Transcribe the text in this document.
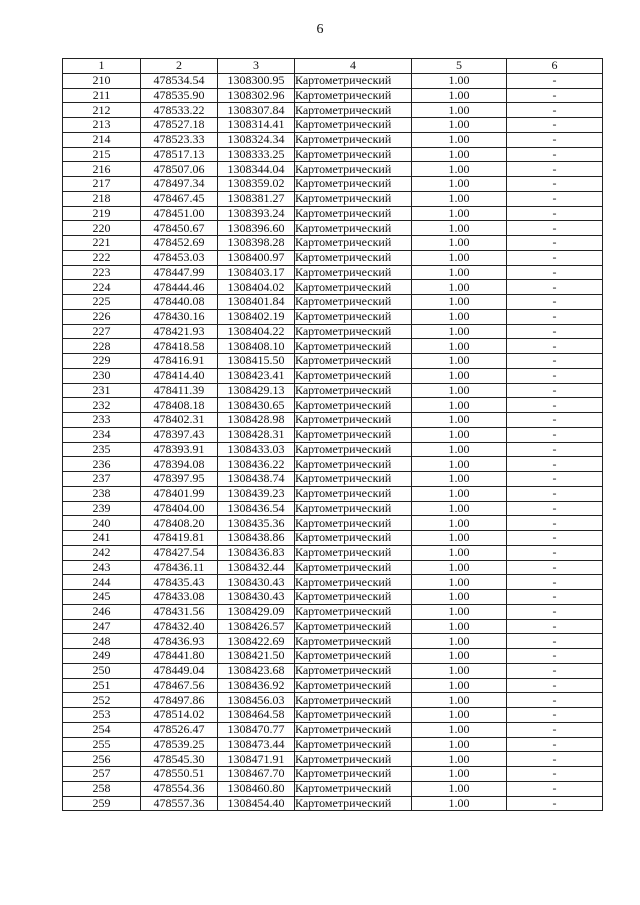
6
1	2	3	4	5	6
210	478534.54	1308300.95	Картометрический	1.00	-
211	478535.90	1308302.96	Картометрический	1.00	-
212	478533.22	1308307.84	Картометрический	1.00	-
213	478527.18	1308314.41	Картометрический	1.00	-
214	478523.33	1308324.34	Картометрический	1.00	-
215	478517.13	1308333.25	Картометрический	1.00	-
216	478507.06	1308344.04	Картометрический	1.00	-
217	478497.34	1308359.02	Картометрический	1.00	-
218	478467.45	1308381.27	Картометрический	1.00	-
219	478451.00	1308393.24	Картометрический	1.00	-
220	478450.67	1308396.60	Картометрический	1.00	-
221	478452.69	1308398.28	Картометрический	1.00	-
222	478453.03	1308400.97	Картометрический	1.00	-
223	478447.99	1308403.17	Картометрический	1.00	-
224	478444.46	1308404.02	Картометрический	1.00	-
225	478440.08	1308401.84	Картометрический	1.00	-
226	478430.16	1308402.19	Картометрический	1.00	-
227	478421.93	1308404.22	Картометрический	1.00	-
228	478418.58	1308408.10	Картометрический	1.00	-
229	478416.91	1308415.50	Картометрический	1.00	-
230	478414.40	1308423.41	Картометрический	1.00	-
231	478411.39	1308429.13	Картометрический	1.00	-
232	478408.18	1308430.65	Картометрический	1.00	-
233	478402.31	1308428.98	Картометрический	1.00	-
234	478397.43	1308428.31	Картометрический	1.00	-
235	478393.91	1308433.03	Картометрический	1.00	-
236	478394.08	1308436.22	Картометрический	1.00	-
237	478397.95	1308438.74	Картометрический	1.00	-
238	478401.99	1308439.23	Картометрический	1.00	-
239	478404.00	1308436.54	Картометрический	1.00	-
240	478408.20	1308435.36	Картометрический	1.00	-
241	478419.81	1308438.86	Картометрический	1.00	-
242	478427.54	1308436.83	Картометрический	1.00	-
243	478436.11	1308432.44	Картометрический	1.00	-
244	478435.43	1308430.43	Картометрический	1.00	-
245	478433.08	1308430.43	Картометрический	1.00	-
246	478431.56	1308429.09	Картометрический	1.00	-
247	478432.40	1308426.57	Картометрический	1.00	-
248	478436.93	1308422.69	Картометрический	1.00	-
249	478441.80	1308421.50	Картометрический	1.00	-
250	478449.04	1308423.68	Картометрический	1.00	-
251	478467.56	1308436.92	Картометрический	1.00	-
252	478497.86	1308456.03	Картометрический	1.00	-
253	478514.02	1308464.58	Картометрический	1.00	-
254	478526.47	1308470.77	Картометрический	1.00	-
255	478539.25	1308473.44	Картометрический	1.00	-
256	478545.30	1308471.91	Картометрический	1.00	-
257	478550.51	1308467.70	Картометрический	1.00	-
258	478554.36	1308460.80	Картометрический	1.00	-
259	478557.36	1308454.40	Картометрический	1.00	-
